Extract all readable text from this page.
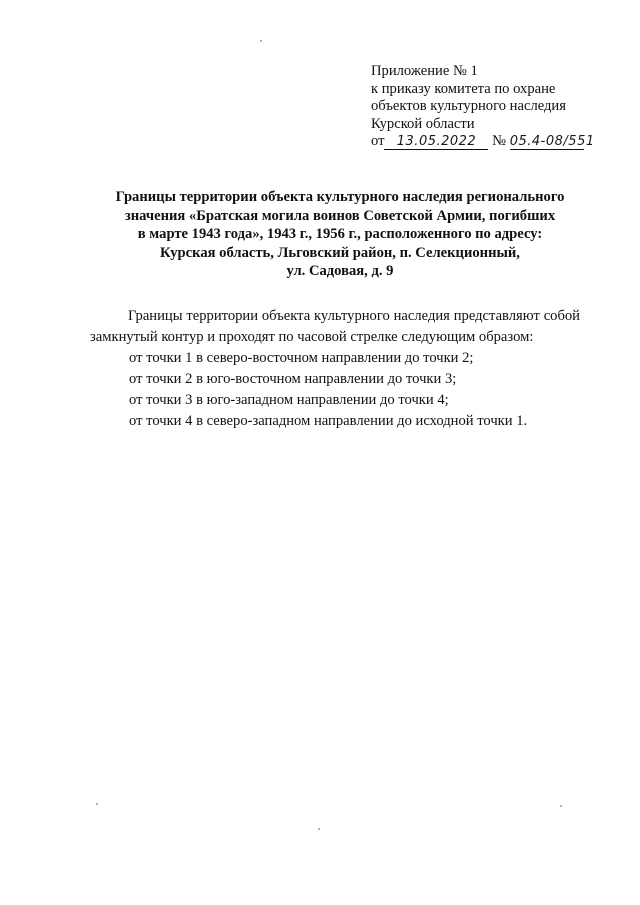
Приложение № 1
к приказу комитета по охране
объектов культурного наследия
Курской области
от 13.05.2022 № 05.4-08/551
Границы территории объекта культурного наследия регионального
значения «Братская могила воинов Советской Армии, погибших
в марте 1943 года», 1943 г., 1956 г., расположенного по адресу:
Курская область, Льговский район, п. Селекционный,
ул. Садовая, д. 9
Границы территории объекта культурного наследия представляют собой замкнутый контур и проходят по часовой стрелке следующим образом:
от точки 1 в северо-восточном направлении до точки 2;
от точки 2 в юго-восточном направлении до точки 3;
от точки 3 в юго-западном направлении до точки 4;
от точки 4 в северо-западном направлении до исходной точки 1.
